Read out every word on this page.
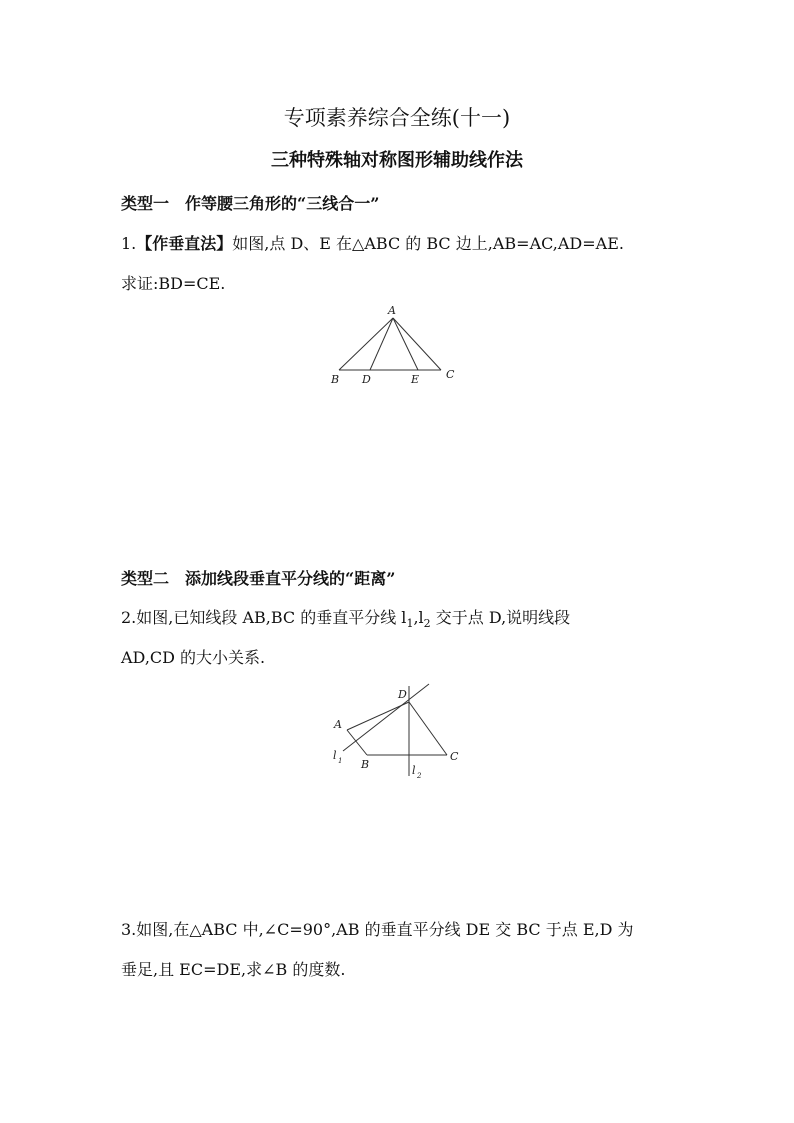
专项素养综合全练(十一)
三种特殊轴对称图形辅助线作法
类型一　作等腰三角形的“三线合一”
1.【作垂直法】如图,点 D、E 在△ABC 的 BC 边上,AB=AC,AD=AE.
求证:BD=CE.
A
B D	E C
类型二　添加线段垂直平分线的“距离”
2.如图,已知线段 AB,BC 的垂直平分线 $l_1,l_2$ 交于点 D,说明线段
AD,CD 的大小关系.
D
A
B
C
l 1
l 2
3.如图,在△ABC 中,∠C=90°,AB 的垂直平分线 DE 交 BC 于点 E,D 为
垂足,且 EC=DE,求∠B 的度数.
